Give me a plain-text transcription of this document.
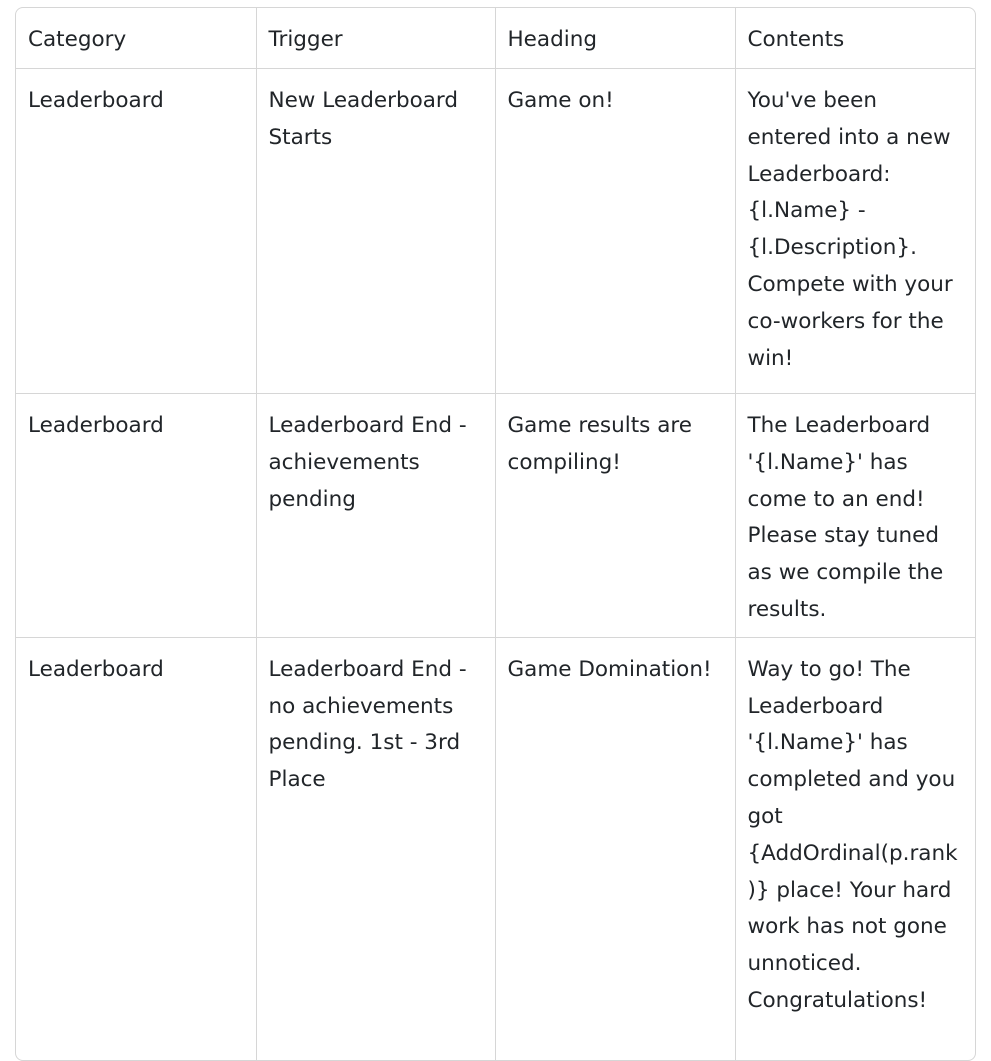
Category	Trigger	Heading	Contents
Leaderboard	New Leaderboard Starts	Game on!	You've been entered into a new Leaderboard: {l.Name} - {l.Description}. Compete with your co-workers for the win!
Leaderboard	Leaderboard End - achievements pending	Game results are compiling!	The Leaderboard '{l.Name}' has come to an end! Please stay tuned as we compile the results.
Leaderboard	Leaderboard End - no achievements pending. 1st - 3rd Place	Game Domination!	Way to go! The Leaderboard '{l.Name}' has completed and you got {AddOrdinal(p.rank)} place! Your hard work has not gone unnoticed. Congratulations!
